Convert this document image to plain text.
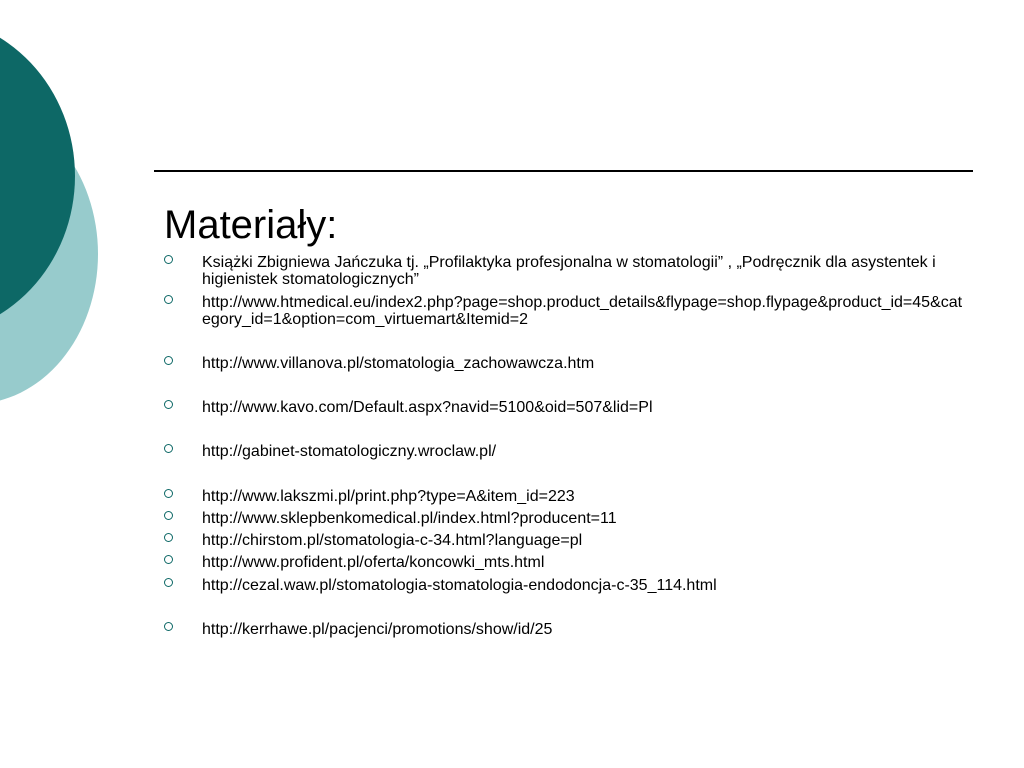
Materiały:
Książki Zbigniewa Jańczuka tj. „Profilaktyka profesjonalna w stomatologii” , „Podręcznik dla asystentek i higienistek stomatologicznych”
http://www.htmedical.eu/index2.php?page=shop.product_details&flypage=shop.flypage&product_id=45&category_id=1&option=com_virtuemart&Itemid=2
http://www.villanova.pl/stomatologia_zachowawcza.htm
http://www.kavo.com/Default.aspx?navid=5100&oid=507&lid=Pl
http://gabinet-stomatologiczny.wroclaw.pl/
http://www.lakszmi.pl/print.php?type=A&item_id=223
http://www.sklepbenkomedical.pl/index.html?producent=11
http://chirstom.pl/stomatologia-c-34.html?language=pl
http://www.profident.pl/oferta/koncowki_mts.html
http://cezal.waw.pl/stomatologia-stomatologia-endodoncja-c-35_114.html
http://kerrhawe.pl/pacjenci/promotions/show/id/25
